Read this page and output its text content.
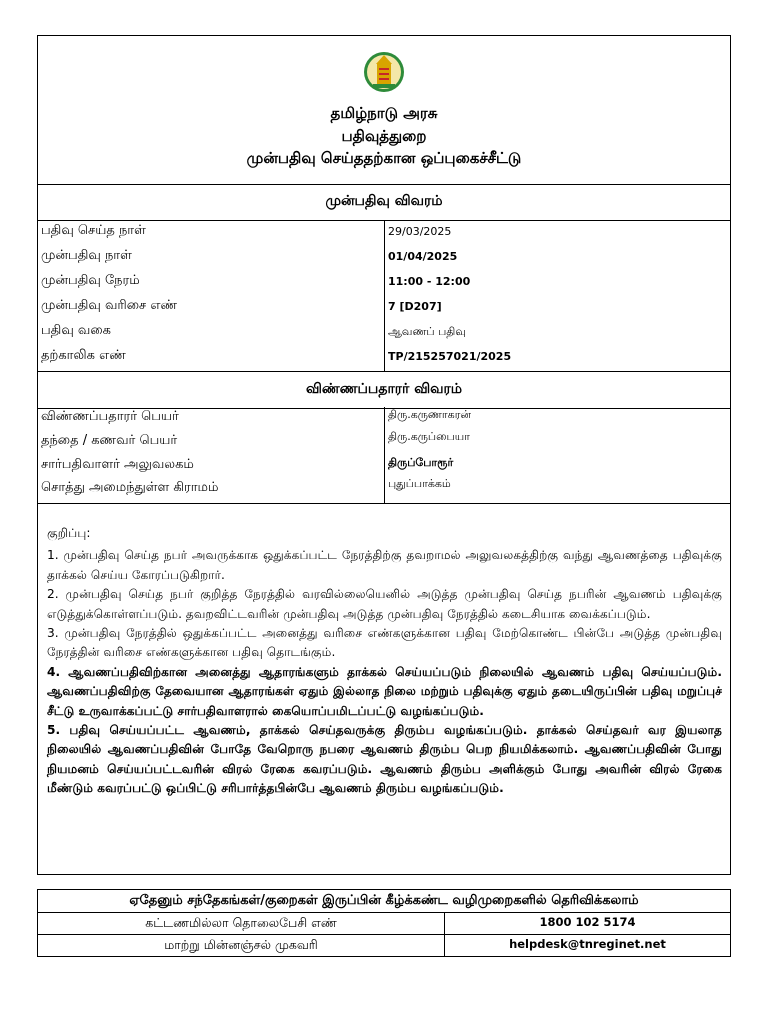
தமிழ்நாடு அரசு
பதிவுத்துறை
முன்பதிவு செய்ததற்கான ஒப்புகைச்சீட்டு
முன்பதிவு விவரம்
பதிவு செய்த நாள்	29/03/2025
முன்பதிவு நாள்	01/04/2025
முன்பதிவு நேரம்	11:00 - 12:00
முன்பதிவு வரிசை எண்	7 [D207]
பதிவு வகை	ஆவணப் பதிவு
தற்காலிக எண்	TP/215257021/2025
விண்ணப்பதாரர் விவரம்
விண்ணப்பதாரர் பெயர்	திரு.கருணாகரன்
தந்தை / கணவர் பெயர்	திரு.கருப்பையா
சார்பதிவாளர் அலுவலகம்	திருப்போரூர்
சொத்து அமைந்துள்ள கிராமம்	புதுப்பாக்கம்

குறிப்பு:

1. முன்பதிவு செய்த நபர் அவருக்காக ஒதுக்கப்பட்ட நேரத்திற்கு தவறாமல் அலுவலகத்திற்கு வந்து ஆவணத்தை பதிவுக்கு தாக்கல் செய்ய கோரப்படுகிறார்.

2. முன்பதிவு செய்த நபர் குறித்த நேரத்தில் வரவில்லையெனில் அடுத்த முன்பதிவு செய்த நபரின் ஆவணம் பதிவுக்கு எடுத்துக்கொள்ளப்படும். தவறவிட்டவரின் முன்பதிவு அடுத்த முன்பதிவு நேரத்தில் கடைசியாக வைக்கப்படும்.

3. முன்பதிவு நேரத்தில் ஒதுக்கப்பட்ட அனைத்து வரிசை எண்களுக்கான பதிவு மேற்கொண்ட பின்பே அடுத்த முன்பதிவு நேரத்தின் வரிசை எண்களுக்கான பதிவு தொடங்கும்.

4. ஆவணப்பதிவிற்கான அனைத்து ஆதாரங்களும் தாக்கல் செய்யப்படும் நிலையில் ஆவணம் பதிவு செய்யப்படும். ஆவணப்பதிவிற்கு தேவையான ஆதாரங்கள் ஏதும் இல்லாத நிலை மற்றும் பதிவுக்கு ஏதும் தடையிருப்பின் பதிவு மறுப்புச் சீட்டு உருவாக்கப்பட்டு சார்பதிவாளரால் கையொப்பமிடப்பட்டு வழங்கப்படும்.

5. பதிவு செய்யப்பட்ட ஆவணம், தாக்கல் செய்தவருக்கு திரும்ப வழங்கப்படும். தாக்கல் செய்தவர் வர இயலாத நிலையில் ஆவணப்பதிவின் போதே வேறொரு நபரை ஆவணம் திரும்ப பெற நியமிக்கலாம். ஆவணப்பதிவின் போது நியமனம் செய்யப்பட்டவரின் விரல் ரேகை கவரப்படும். ஆவணம் திரும்ப அளிக்கும் போது அவரின் விரல் ரேகை மீண்டும் கவரப்பட்டு ஒப்பிட்டு சரிபார்த்தபின்பே ஆவணம் திரும்ப வழங்கப்படும்.

ஏதேனும் சந்தேகங்கள்/குறைகள் இருப்பின் கீழ்க்கண்ட வழிமுறைகளில் தெரிவிக்கலாம்
கட்டணமில்லா தொலைபேசி எண்	1800 102 5174
மாற்று மின்னஞ்சல் முகவரி	helpdesk@tnreginet.net
